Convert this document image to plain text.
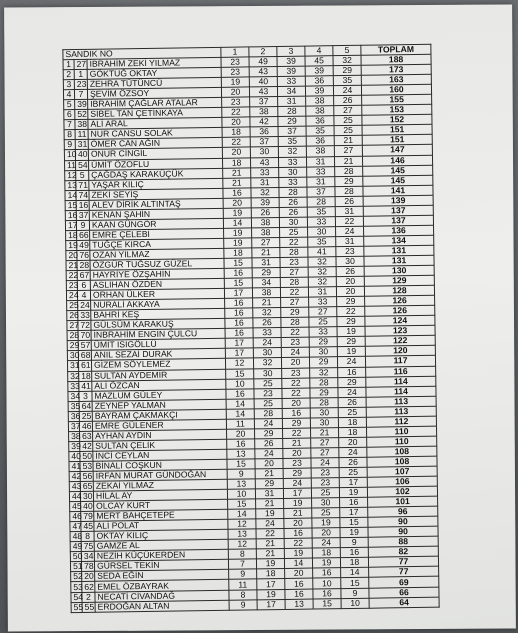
SANDIK NO			1	2	3	4	5	TOPLAM
1	27	İBRAHİM ZEKİ YILMAZ	23	49	39	45	32	188
2	1	GÖKTUĞ OKTAY	23	43	39	39	29	173
3	23	ZEHRA TÜTÜNCÜ	19	40	33	36	35	163
4	7	ŞEVİM ÖZSOY	20	43	34	39	24	160
5	39	İBRAHİM ÇAĞLAR ATALAR	23	37	31	38	26	155
6	52	SİBEL TAN ÇETİNKAYA	22	38	28	38	27	153
7	38	ALİ ARAL	20	42	29	36	25	152
8	11	NUR CANSU SOLAK	18	36	37	35	25	151
9	31	ÖMER CAN AĞIN	22	37	35	36	21	151
10	40	ONUR CİNGİL	20	30	32	38	27	147
11	54	ÜMİT ÖZOFLU	18	43	33	31	21	146
12	5	ÇAĞDAŞ KARAKÜÇÜK	21	33	30	33	28	145
13	71	YAŞAR KILIÇ	21	31	33	31	29	145
14	74	ZEKİ SEYİŞ	16	32	28	37	28	141
15	16	ALEV DİRİK ALTINTAŞ	20	39	26	28	26	139
16	37	KENAN ŞAHİN	19	26	26	35	31	137
17	9	KAAN GÜNGÖR	14	38	30	33	22	137
18	66	EMRE ÇELEBİ	19	38	25	30	24	136
19	49	TUĞÇE KIRCA	19	27	22	35	31	134
20	76	OZAN YILMAZ	18	21	28	41	23	131
21	28	ÖZGÜR TUĞSUZ GÜZEL	15	31	23	32	30	131
22	67	HAYRİYE ÖZŞAHİN	16	29	27	32	26	130
23	6	ASLIHAN ÖZDEN	15	34	28	32	20	129
24	4	ORHAN ÜLKER	17	38	22	31	20	128
25	24	NURALİ AKKAYA	16	21	27	33	29	126
26	33	BAHRİ KEŞ	16	32	29	27	22	126
27	72	GÜLSÜM KARAKUŞ	16	26	28	25	29	124
28	70	İNBRAHİM ENGİN ÇULCU	16	33	22	33	19	123
29	57	ÜMİT ISIGÖLLÜ	17	24	23	29	29	122
30	68	ANIL SEZAİ DURAK	17	30	24	30	19	120
31	61	GİZEM SÖYLEMEZ	12	32	20	29	24	117
32	18	SULTAN AYDEMİR	15	30	23	32	16	116
33	41	ALİ ÖZCAN	10	25	22	28	29	114
34	3	MAZLUM GÜLEY	16	23	22	29	24	114
35	64	ZEYNEP YALMAN	14	25	20	28	26	113
36	25	BAYRAM ÇAKMAKÇI	14	28	16	30	25	113
37	46	EMRE GÜLENER	11	24	29	30	18	112
38	63	AYHAN AYDIN	20	29	22	21	18	110
39	42	SULTAN ÇELİK	16	26	21	27	20	110
40	50	İNCİ CEYLAN	13	24	20	27	24	108
41	53	BİNALİ COŞKUN	15	20	23	24	26	108
42	56	İRFAN MURAT GÜNDOĞAN	9	21	29	23	25	107
43	65	ZEKAİ YILMAZ	13	29	24	23	17	106
44	30	HİLAL AY	10	31	17	25	19	102
45	40	OLCAY KURT	15	21	19	30	16	101
46	79	MERT BAHÇETEPE	14	19	21	25	17	96
47	45	ALİ POLAT	12	24	20	19	15	90
48	8	OKTAY KILIÇ	13	22	16	20	19	90
49	75	GAMZE AL	12	21	22	24	9	88
50	34	NEZİH KÜÇÜKERDEN	8	21	19	18	16	82
51	78	GÜRSEL TEKİN	7	19	14	19	18	77
52	20	SEDA EĞİN	9	18	20	16	14	77
53	62	EMEL ÖZBAYRAK	11	17	16	10	15	69
54	2	NECATİ CİVANDAĞ	8	19	16	16	9	66
55	55	ERDOĞAN ALTAN	9	17	13	15	10	64
